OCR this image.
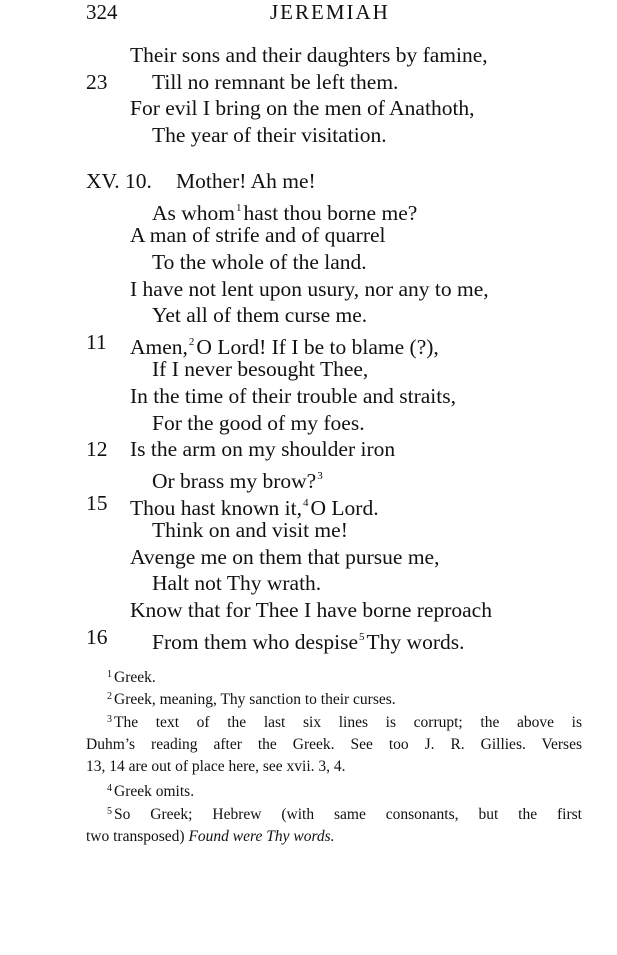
324	JEREMIAH
Their sons and their daughters by famine,
23 Till no remnant be left them.
For evil I bring on the men of Anathoth,
The year of their visitation.
XV. 10. Mother! Ah me!
As whom$^1$hast thou borne me?
A man of strife and of quarrel
To the whole of the land.
I have not lent upon usury, nor any to me,
Yet all of them curse me.
11 Amen,$^2$O Lord! If I be to blame (?),
If I never besought Thee,
In the time of their trouble and straits,
For the good of my foes.
12 Is the arm on my shoulder iron
Or brass my brow?$^3$
15 Thou hast known it,$^4$O Lord.
Think on and visit me!
Avenge me on them that pursue me,
Halt not Thy wrath.
Know that for Thee I have borne reproach
16 From them who despise$^5$Thy words.
$^1$ Greek.
$^2$ Greek, meaning, Thy sanction to their curses.
$^3$ The text of the last six lines is corrupt; the above is
Duhm’s reading after the Greek. See too J. R. Gillies. Verses
13, 14 are out of place here, see xvii. 3, 4.
$^4$ Greek omits.
$^5$ So Greek; Hebrew (with same consonants, but the first
two transposed) Found were Thy words.
